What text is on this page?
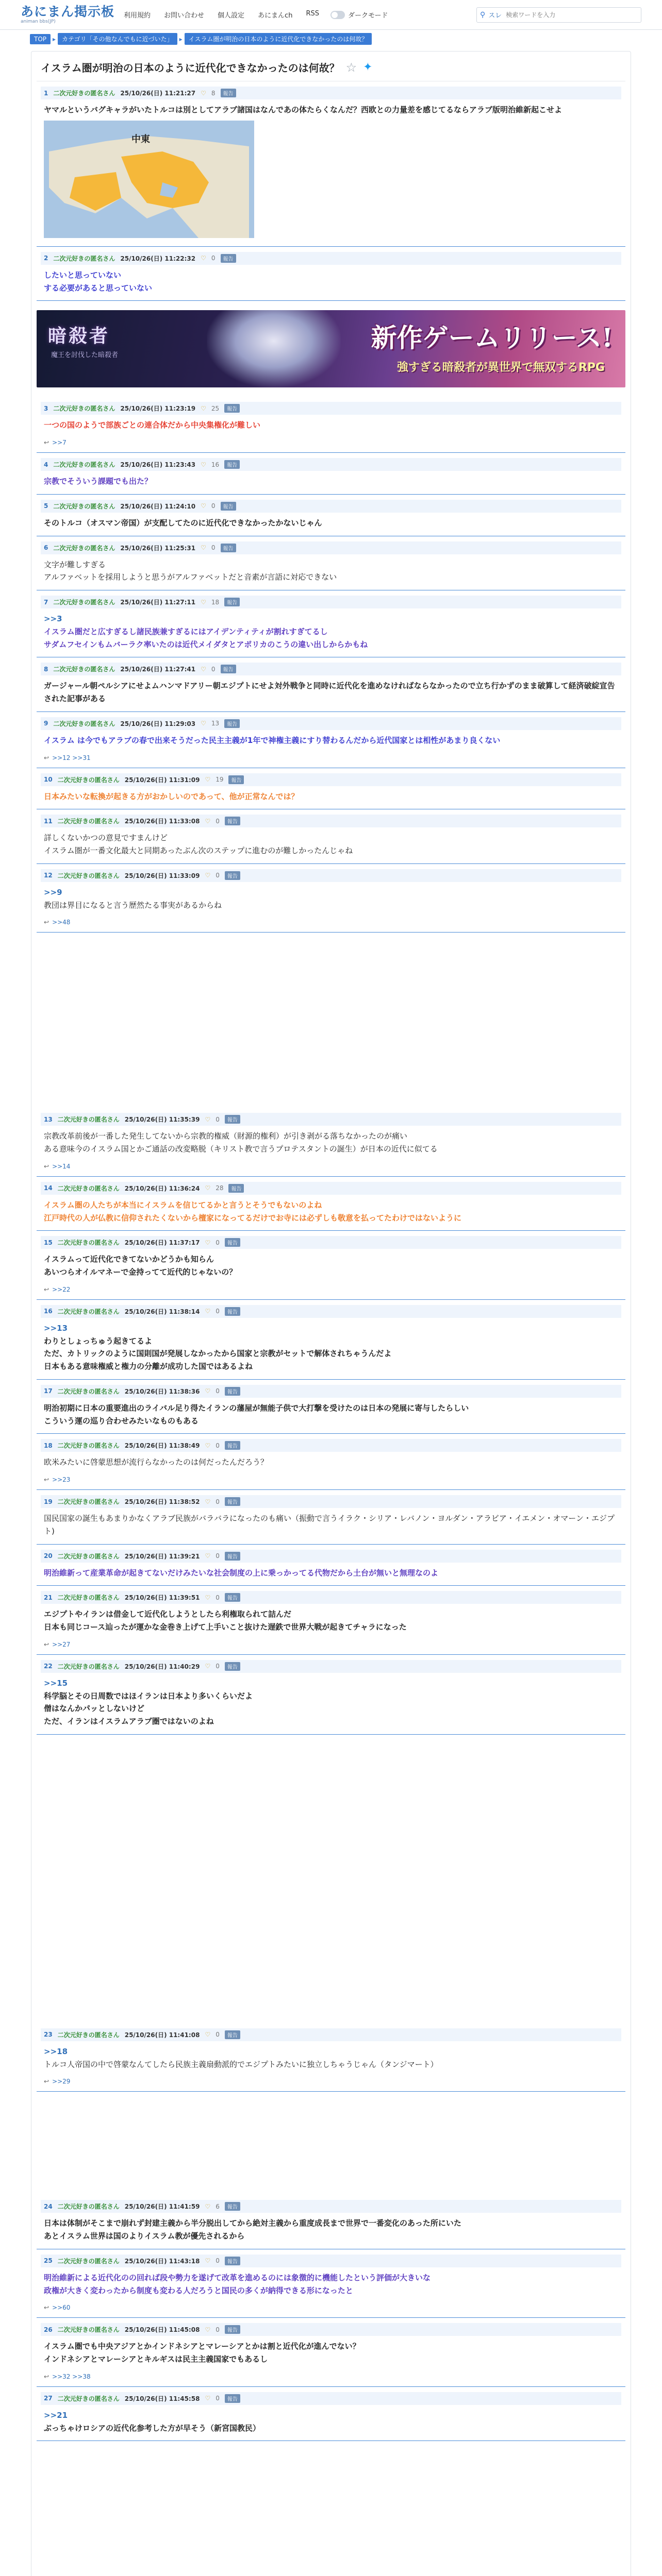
あにまん掲示板
animan bbs(JP)
利用規約 お問い合わせ 個人設定 あにまんch RSS	ダークモード	⚲ スレ
検索ワードを入力
TOP	▸	カテゴリ「その他なんでもに近づいた」	▸	イスラム圏が明治の日本のように近代化できなかったのは何故？
イスラム圏が明治の日本のように近代化できなかったのは何故？ ☆ ✦
1 二次元好きの匿名さん 25/10/26(日) 11:21:27 ♡ 8	報告
ヤマルというバグキャラがいたトルコは別としてアラブ諸国はなんであの体たらくなんだ？西欧との力量差を感じてるならアラブ版明治維新起こせよ
中東
2 二次元好きの匿名さん 25/10/26(日) 11:22:32 ♡ 0	報告
したいと思っていない
する必要があると思っていない
暗殺者
魔王を討伐した暗殺者
新作ゲームリリース!
強すぎる暗殺者が異世界で無双するRPG
3 二次元好きの匿名さん 25/10/26(日) 11:23:19 ♡ 25	報告
一つの国のようで部族ごとの連合体だから中央集権化が難しい
↩ >>7
4 二次元好きの匿名さん 25/10/26(日) 11:23:43 ♡ 16	報告
宗教でそういう課題でも出た？
5 二次元好きの匿名さん 25/10/26(日) 11:24:10 ♡ 0	報告
そのトルコ（オスマン帝国）が支配してたのに近代化できなかったかないじゃん
6 二次元好きの匿名さん 25/10/26(日) 11:25:31 ♡ 0	報告
文字が難しすぎる
アルファベットを採用しようと思うがアルファベットだと音素が言語に対応できない
7 二次元好きの匿名さん 25/10/26(日) 11:27:11 ♡ 18	報告
>>3
イスラム圏だと広すぎるし諸民族兼すぎるにはアイデンティティが割れすぎてるし
サダムフセインもムバーラク率いたのは近代メイダタとアポリカのこうの違い出しからかもね
8 二次元好きの匿名さん 25/10/26(日) 11:27:41 ♡ 0	報告
ガージャール朝ペルシアにせよムハンマドアリー朝エジプトにせよ対外戦争と同時に近代化を進めなければならなかったので立ち行かずのまま破算して経済破綻宣告された記事がある
9 二次元好きの匿名さん 25/10/26(日) 11:29:03 ♡ 13	報告
イスラム は今でもアラブの春で出来そうだった民主主義が1年で神権主義にすり替わるんだから近代国家とは相性があまり良くない
↩ >>12 >>31
10 二次元好きの匿名さん 25/10/26(日) 11:31:09 ♡ 19	報告
日本みたいな転換が起きる方がおかしいのであって、他が正常なんでは？
11 二次元好きの匿名さん 25/10/26(日) 11:33:08 ♡ 0	報告
詳しくないかつの意見ですまんけど
イスラム圏が一番文化最大と同期あったぶん次のステップに進むのが難しかったんじゃね
12 二次元好きの匿名さん 25/10/26(日) 11:33:09 ♡ 0	報告
>>9
教団は界目になると言う歴然たる事実があるからね
↩ >>48
13 二次元好きの匿名さん 25/10/26(日) 11:35:39 ♡ 0	報告
宗教改革前後が一番した発生してないから宗教的権威（財源的権利）が引き剥がる落ちなかったのが痛い
ある意味今のイスラム国とかご通話の改変略脱（キリスト教で言うプロテスタントの誕生）が日本の近代に似てる
↩ >>14
14 二次元好きの匿名さん 25/10/26(日) 11:36:24 ♡ 28	報告
イスラム圏の人たちが本当にイスラムを信じてるかと言うとそうでもないのよね
江戸時代の人が仏教に信仰されたくないから檀家になってるだけでお寺には必ずしも敬意を払ってたわけではないように
15 二次元好きの匿名さん 25/10/26(日) 11:37:17 ♡ 0	報告
イスラムって近代化できてないかどうかも知らん
あいつらオイルマネーで金持ってて近代的じゃないの？
↩ >>22
16 二次元好きの匿名さん 25/10/26(日) 11:38:14 ♡ 0	報告
>>13
わりとしょっちゅう起きてるよ
ただ、カトリックのように国則国が発展しなかったから国家と宗教がセットで解体されちゃうんだよ
日本もある意味権威と権力の分離が成功した国ではあるよね
17 二次元好きの匿名さん 25/10/26(日) 11:38:36 ♡ 0	報告
明治初期に日本の重要進出のライバル足り得たイランの藩屋が無能子供で大打撃を受けたのは日本の発展に寄与したらしい
こういう運の巡り合わせみたいなものもある
18 二次元好きの匿名さん 25/10/26(日) 11:38:49 ♡ 0	報告
欧米みたいに啓蒙思想が流行らなかったのは何だったんだろう？
↩ >>23
19 二次元好きの匿名さん 25/10/26(日) 11:38:52 ♡ 0	報告
国民国家の誕生もあまりかなくアラブ民族がバラバラになったのも痛い（振動で言うイラク・シリア・レバノン・ヨルダン・アラビア・イエメン・オマーン・エジプト)
20 二次元好きの匿名さん 25/10/26(日) 11:39:21 ♡ 0	報告
明治維新って産業革命が起きてないだけみたいな社会制度の上に乗っかってる代物だから土台が無いと無理なのよ
21 二次元好きの匿名さん 25/10/26(日) 11:39:51 ♡ 0	報告
エジプトやイランは借金して近代化しようとしたら利権取られて詰んだ
日本も同じコース辿ったが運かな金巻き上げて上手いこと抜けた遅鉄で世界大戦が起きてチャラになった
↩ >>27
22 二次元好きの匿名さん 25/10/26(日) 11:40:29 ♡ 0	報告
>>15
科学脳とその日周数ではほイランは日本より多いくらいだよ
僧はなんかパッとしないけど
ただ、イランはイスラムアラブ圏ではないのよね
23 二次元好きの匿名さん 25/10/26(日) 11:41:08 ♡ 0	報告
>>18
トルコ人帝国の中で啓蒙なんてしたら民族主義扇動派的でエジプトみたいに独立しちゃうじゃん（タンジマート）
↩ >>29
24 二次元好きの匿名さん 25/10/26(日) 11:41:59 ♡ 6	報告
日本は体制がそこまで崩れず封建主義から半分脱出してから絶対主義から重度成長まで世界で一番変化のあった所にいた
あとイスラム世界は国のよりイスラム教が優先されるから
25 二次元好きの匿名さん 25/10/26(日) 11:43:18 ♡ 0	報告
明治維新による近代化のの回れば段や勢力を遂げて改革を進めるのには象徴的に機能したという評価が大きいな
政権が大きく変わったから制度も変わる人だろうと国民の多くが納得できる形になったと
↩ >>60
26 二次元好きの匿名さん 25/10/26(日) 11:45:08 ♡ 0	報告
イスラム圏でも中央アジアとかインドネシアとマレーシアとかは割と近代化が進んでない？
インドネシアとマレーシアとキルギスは民主主義国家でもあるし
↩ >>32 >>38
27 二次元好きの匿名さん 25/10/26(日) 11:45:58 ♡ 0	報告
>>21
ぶっちゃけロシアの近代化参考した方が早そう（新宮国教民）
